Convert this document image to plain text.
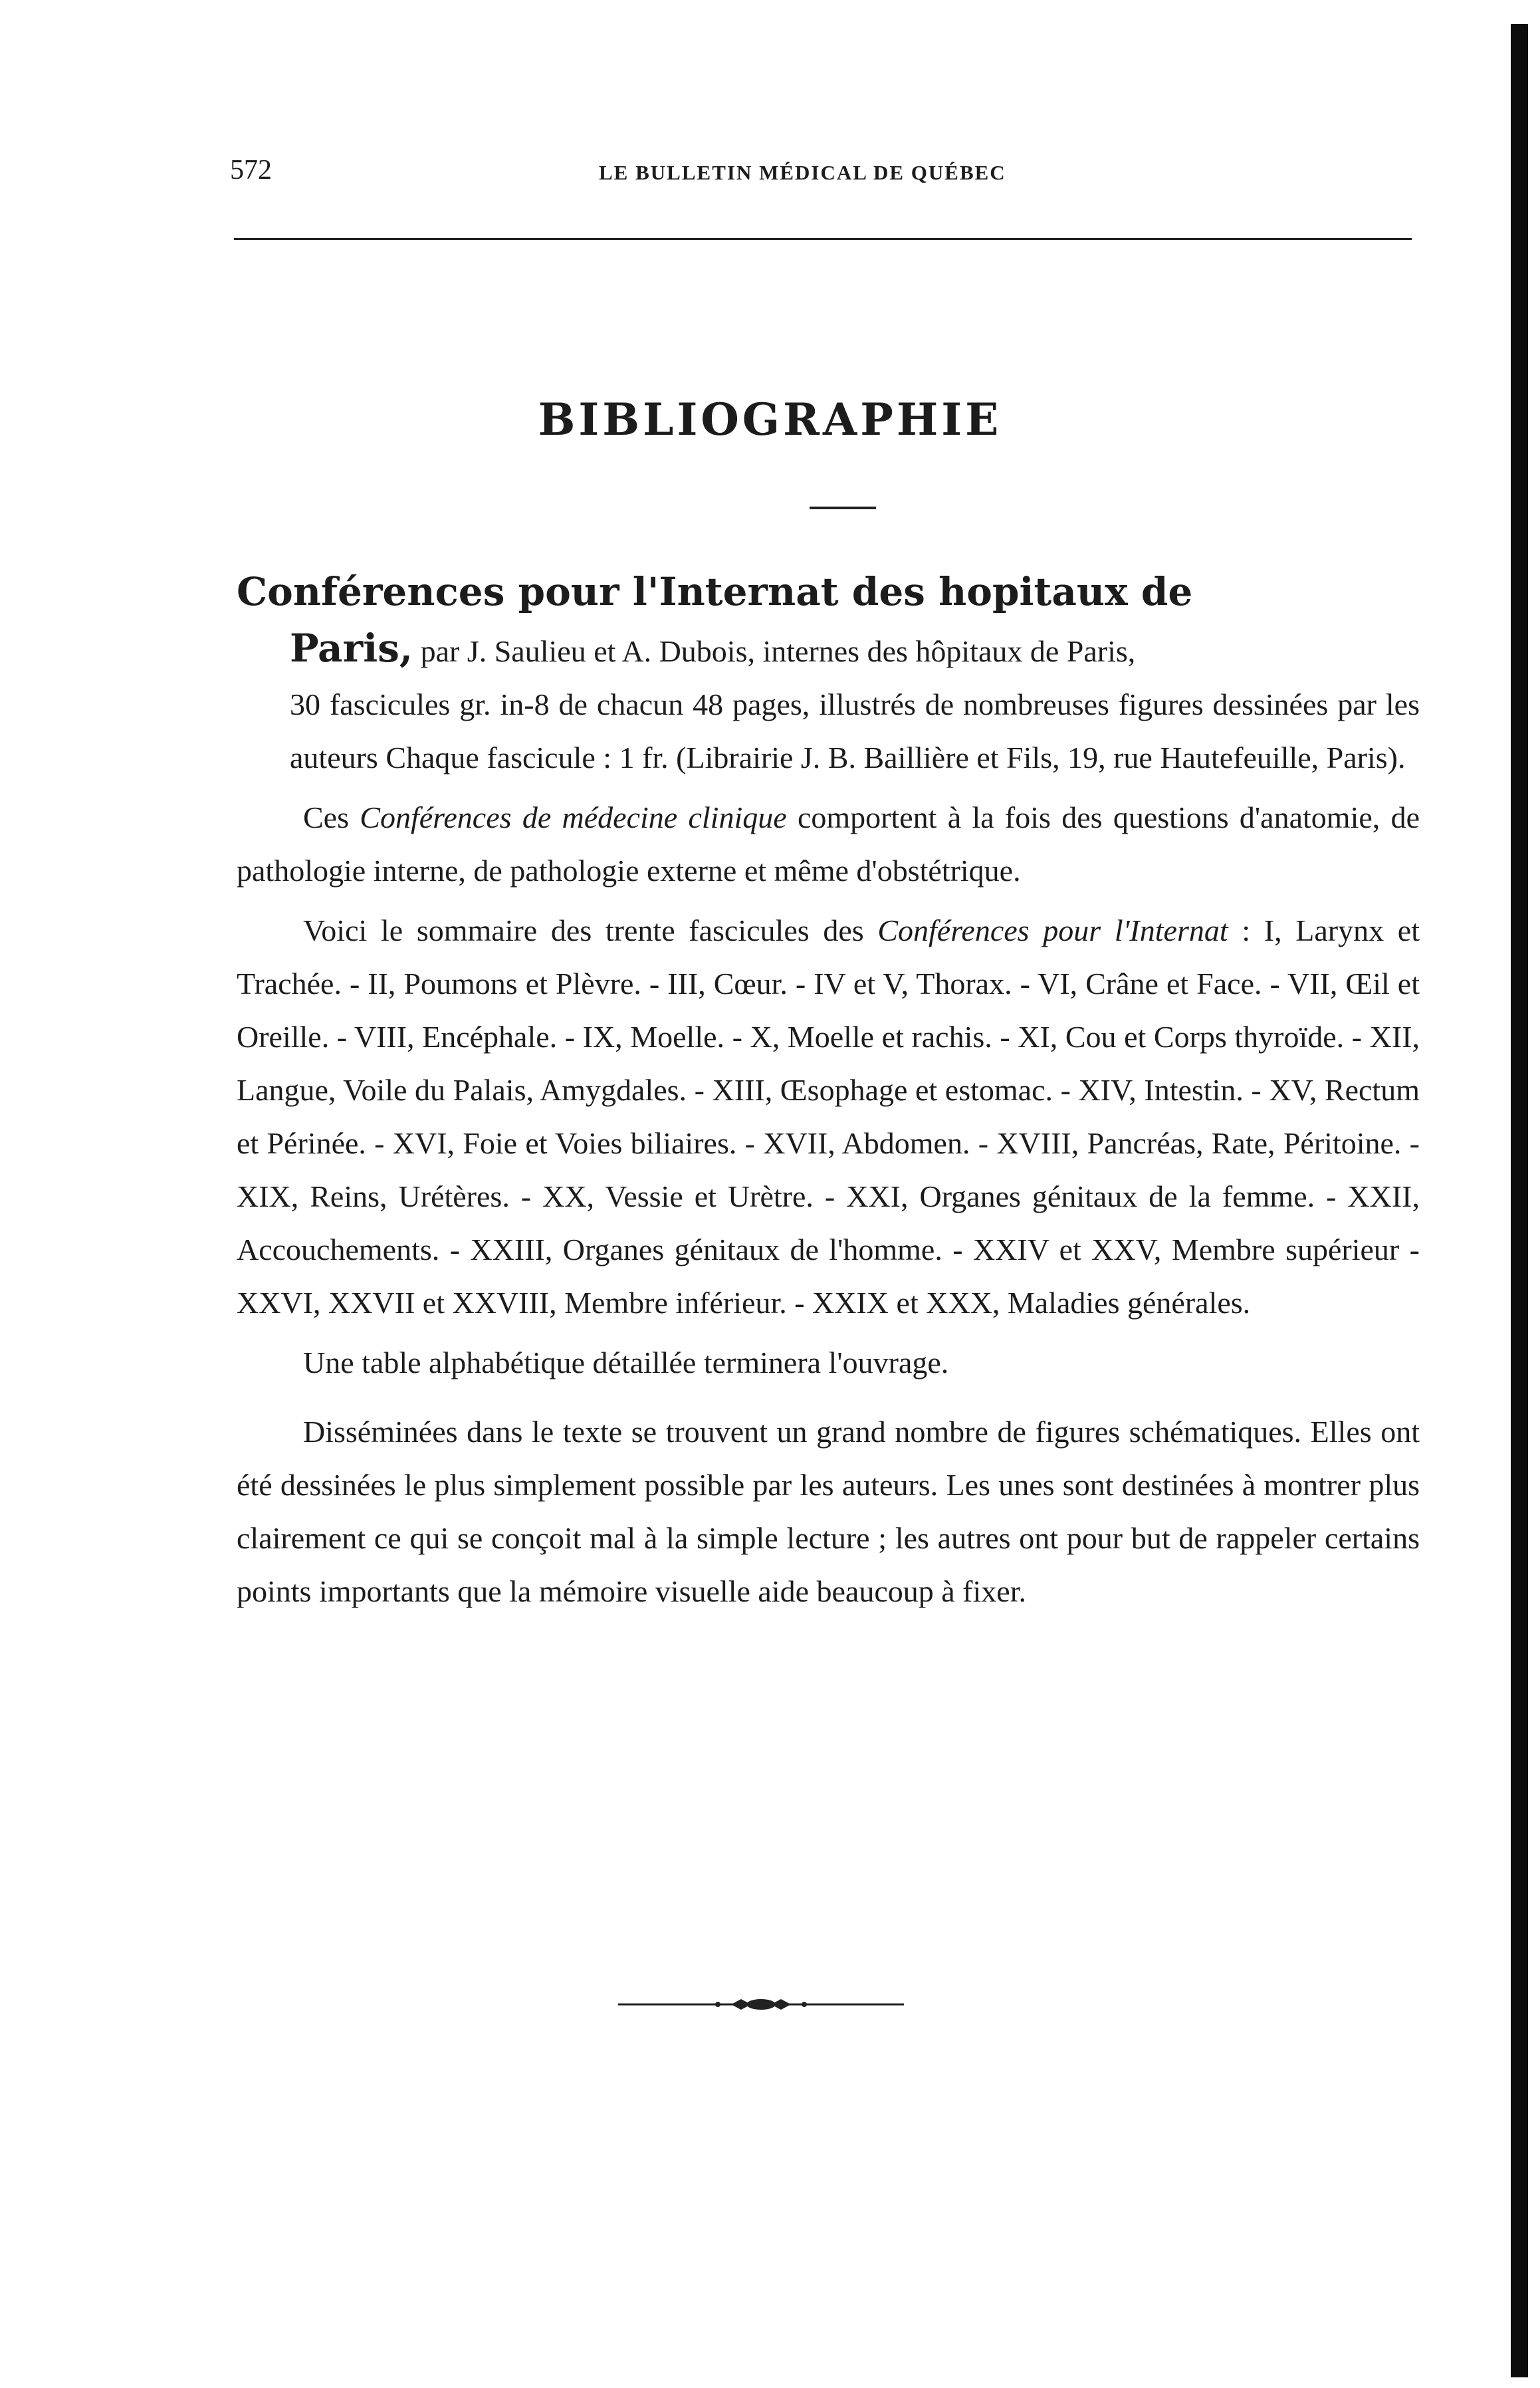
572	LE BULLETIN MÉDICAL DE QUÉBEC
BIBLIOGRAPHIE

Conférences pour l'Internat des hopitaux de

Paris, par J. Saulieu et A. Dubois, internes des hôpitaux de Paris,

30 fascicules gr. in-8 de chacun 48 pages, illustrés de nombreuses figures dessinées par les auteurs Chaque fascicule : 1 fr. (Librairie J. B. Baillière et Fils, 19, rue Hautefeuille, Paris).

Ces Conférences de médecine clinique comportent à la fois des questions d'anatomie, de pathologie interne, de pathologie externe et même d'obstétrique.

Voici le sommaire des trente fascicules des Conférences pour l'Internat : I, Larynx et Trachée. - II, Poumons et Plèvre. - III, Cœur. - IV et V, Thorax. - VI, Crâne et Face. - VII, Œil et Oreille. - VIII, Encéphale. - IX, Moelle. - X, Moelle et rachis. - XI, Cou et Corps thyroïde. - XII, Langue, Voile du Palais, Amygdales. - XIII, Œsophage et estomac. - XIV, Intestin. - XV, Rectum et Périnée. - XVI, Foie et Voies biliaires. - XVII, Abdomen. - XVIII, Pancréas, Rate, Péritoine. - XIX, Reins, Urétères. - XX, Vessie et Urètre. - XXI, Organes génitaux de la femme. - XXII, Accouchements. - XXIII, Organes génitaux de l'homme. - XXIV et XXV, Membre supérieur - XXVI, XXVII et XXVIII, Membre inférieur. - XXIX et XXX, Maladies générales.

Une table alphabétique détaillée terminera l'ouvrage.

Disséminées dans le texte se trouvent un grand nombre de figures schématiques. Elles ont été dessinées le plus simplement possible par les auteurs. Les unes sont destinées à montrer plus clairement ce qui se conçoit mal à la simple lecture ; les autres ont pour but de rappeler certains points importants que la mémoire visuelle aide beaucoup à fixer.
